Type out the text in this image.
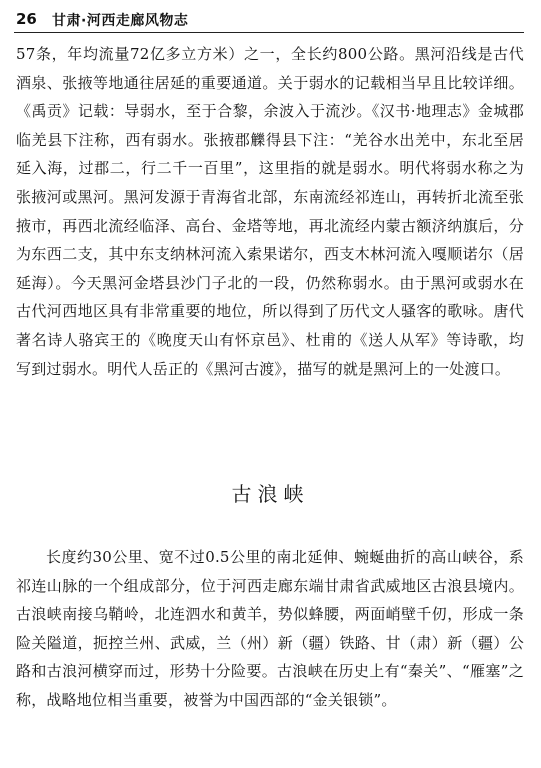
26 甘肃·河西走廊风物志

57条，年均流量72亿多立方米）之一，全长约800公路。黑河沿线是古代酒泉、张掖等地通往居延的重要通道。关于弱水的记载相当早且比较详细。《禹贡》记载：导弱水，至于合黎，余波入于流沙。《汉书·地理志》金城郡临羌县下注称，西有弱水。张掖郡觻得县下注：“羌谷水出羌中，东北至居延入海，过郡二，行二千一百里”，这里指的就是弱水。明代将弱水称之为张掖河或黑河。黑河发源于青海省北部，东南流经祁连山，再转折北流至张掖市，再西北流经临泽、高台、金塔等地，再北流经内蒙古额济纳旗后，分为东西二支，其中东支纳林河流入索果诺尔，西支木林河流入嘎顺诺尔（居延海）。今天黑河金塔县沙门子北的一段，仍然称弱水。由于黑河或弱水在古代河西地区具有非常重要的地位，所以得到了历代文人骚客的歌咏。唐代著名诗人骆宾王的《晚度天山有怀京邑》、杜甫的《送人从军》等诗歌，均写到过弱水。明代人岳正的《黑河古渡》，描写的就是黑河上的一处渡口。

古浪峡

长度约30公里、宽不过0.5公里的南北延伸、蜿蜒曲折的高山峡谷，系祁连山脉的一个组成部分，位于河西走廊东端甘肃省武威地区古浪县境内。古浪峡南接乌鞘岭，北连泗水和黄羊，势似蜂腰，两面峭壁千仞，形成一条险关隘道，扼控兰州、武威，兰（州）新（疆）铁路、甘（肃）新（疆）公路和古浪河横穿而过，形势十分险要。古浪峡在历史上有“秦关”、“雁塞”之称，战略地位相当重要，被誉为中国西部的“金关银锁”。
